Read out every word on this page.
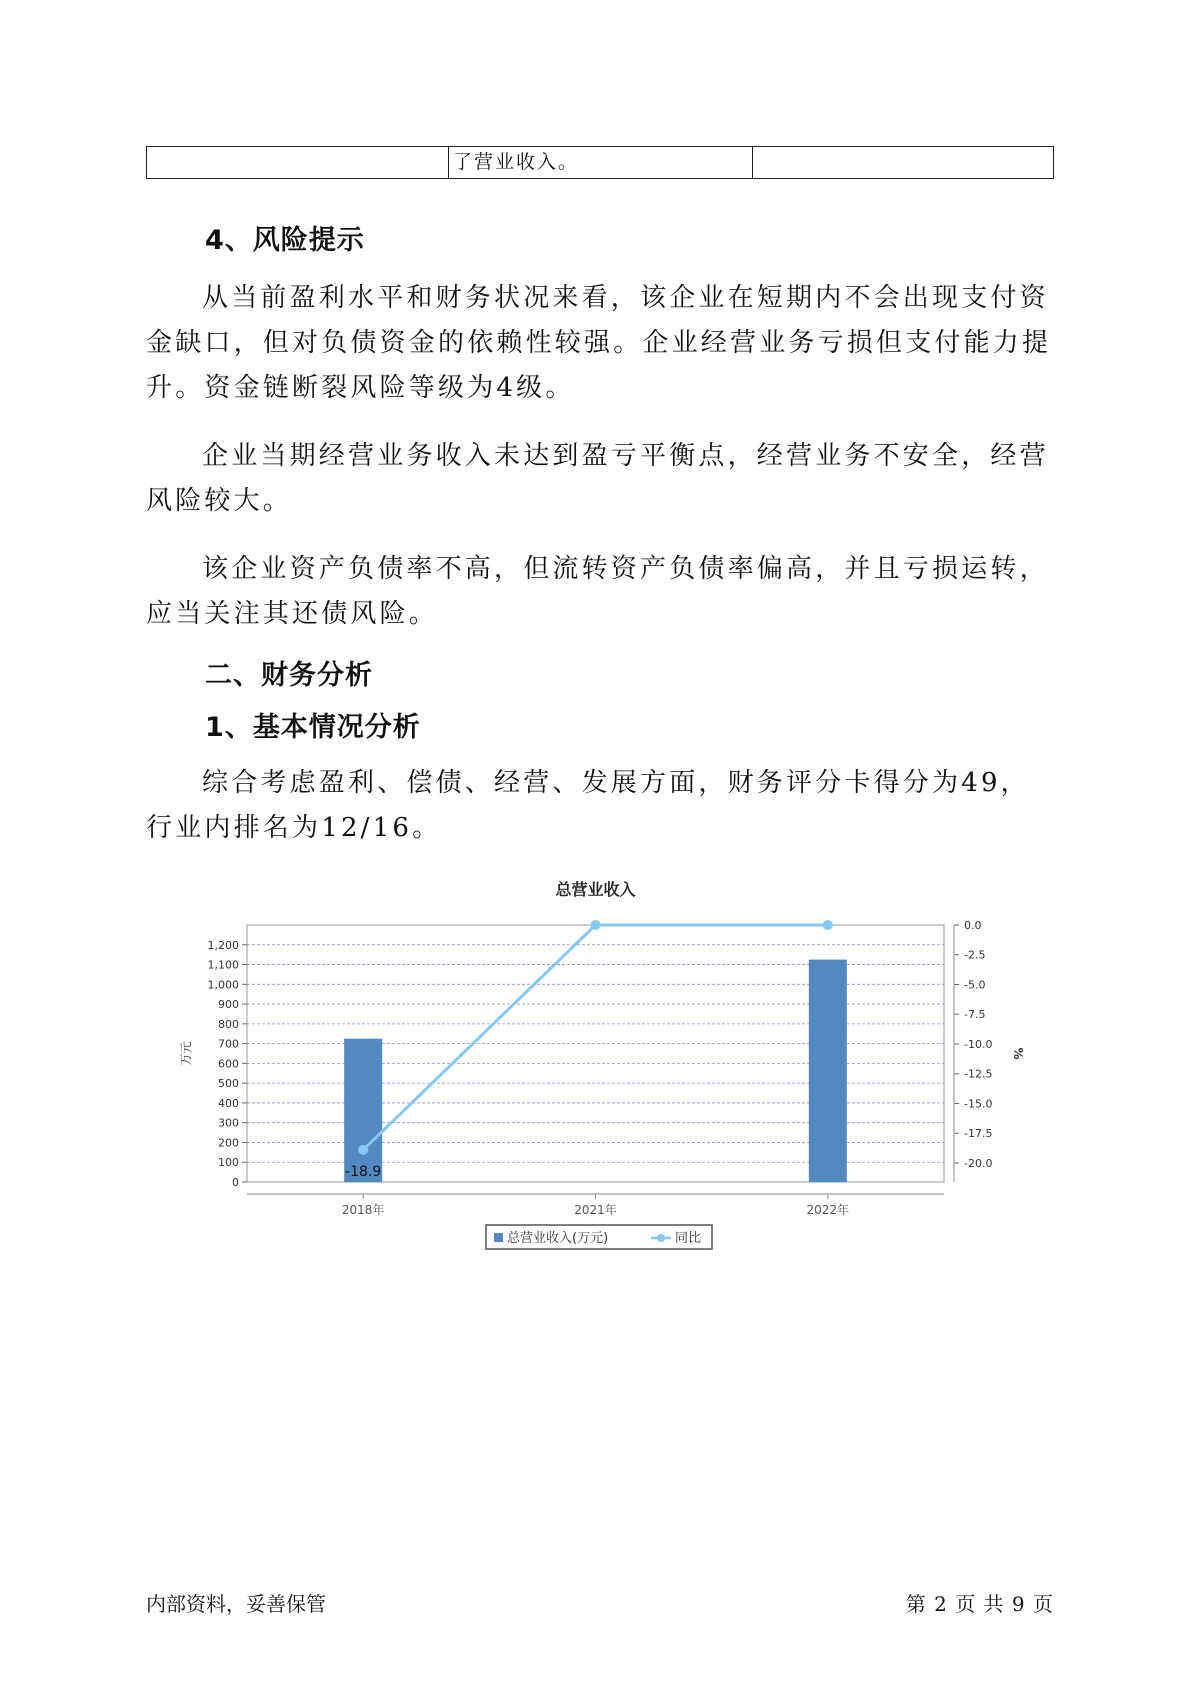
了营业收入。
4、风险提示

从当前盈利水平和财务状况来看，该企业在短期内不会出现支付资金缺口，但对负债资金的依赖性较强。企业经营业务亏损但支付能力提升。资金链断裂风险等级为4级。

企业当期经营业务收入未达到盈亏平衡点，经营业务不安全，经营风险较大。

该企业资产负债率不高，但流转资产负债率偏高，并且亏损运转，应当关注其还债风险。

二、财务分析
1、基本情况分析

综合考虑盈利、偿债、经营、发展方面，财务评分卡得分为49，行业内排名为12/16。

总营业收入
0
100
200
300
400
500
600
700
800
900
1,000
1,100
1,200
0.0
-2.5
-5.0
-7.5
-10.0
-12.5
-15.0
-17.5
-20.0
万元	%
2018年	2021年	2022年
-18.9
总营业收入(万元)	同比
内部资料，妥善保管	第 2 页 共 9 页
